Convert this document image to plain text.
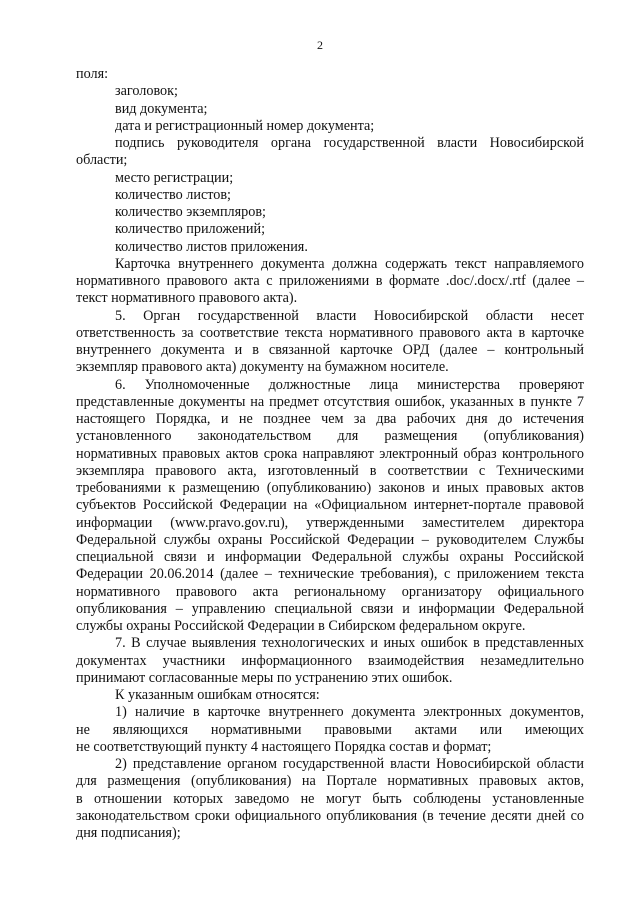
2
поля:
заголовок;
вид документа;
дата и регистрационный номер документа;
подпись руководителя органа государственной власти Новосибирской
области;
место регистрации;
количество листов;
количество экземпляров;
количество приложений;
количество листов приложения.
Карточка внутреннего документа должна содержать текст направляемого
нормативного правового акта с приложениями в формате .doc/.docx/.rtf (далее –
текст нормативного правового акта).
5. Орган государственной власти Новосибирской области несет
ответственность за соответствие текста нормативного правового акта в карточке
внутреннего документа и в связанной карточке ОРД (далее – контрольный
экземпляр правового акта) документу на бумажном носителе.
6. Уполномоченные должностные лица министерства проверяют
представленные документы на предмет отсутствия ошибок, указанных в пункте 7
настоящего Порядка, и не позднее чем за два рабочих дня до истечения
установленного законодательством для размещения (опубликования)
нормативных правовых актов срока направляют электронный образ контрольного
экземпляра правового акта, изготовленный в соответствии с Техническими
требованиями к размещению (опубликованию) законов и иных правовых актов
субъектов Российской Федерации на «Официальном интернет-портале правовой
информации (www.pravo.gov.ru), утвержденными заместителем директора
Федеральной службы охраны Российской Федерации – руководителем Службы
специальной связи и информации Федеральной службы охраны Российской
Федерации 20.06.2014 (далее – технические требования), с приложением текста
нормативного правового акта региональному организатору официального
опубликования – управлению специальной связи и информации Федеральной
службы охраны Российской Федерации в Сибирском федеральном округе.
7. В случае выявления технологических и иных ошибок в представленных
документах участники информационного взаимодействия незамедлительно
принимают согласованные меры по устранению этих ошибок.
К указанным ошибкам относятся:
1) наличие в карточке внутреннего документа электронных документов,
не являющихся нормативными правовыми актами или имеющих
не соответствующий пункту 4 настоящего Порядка состав и формат;
2) представление органом государственной власти Новосибирской области
для размещения (опубликования) на Портале нормативных правовых актов,
в отношении которых заведомо не могут быть соблюдены установленные
законодательством сроки официального опубликования (в течение десяти дней со
дня подписания);
